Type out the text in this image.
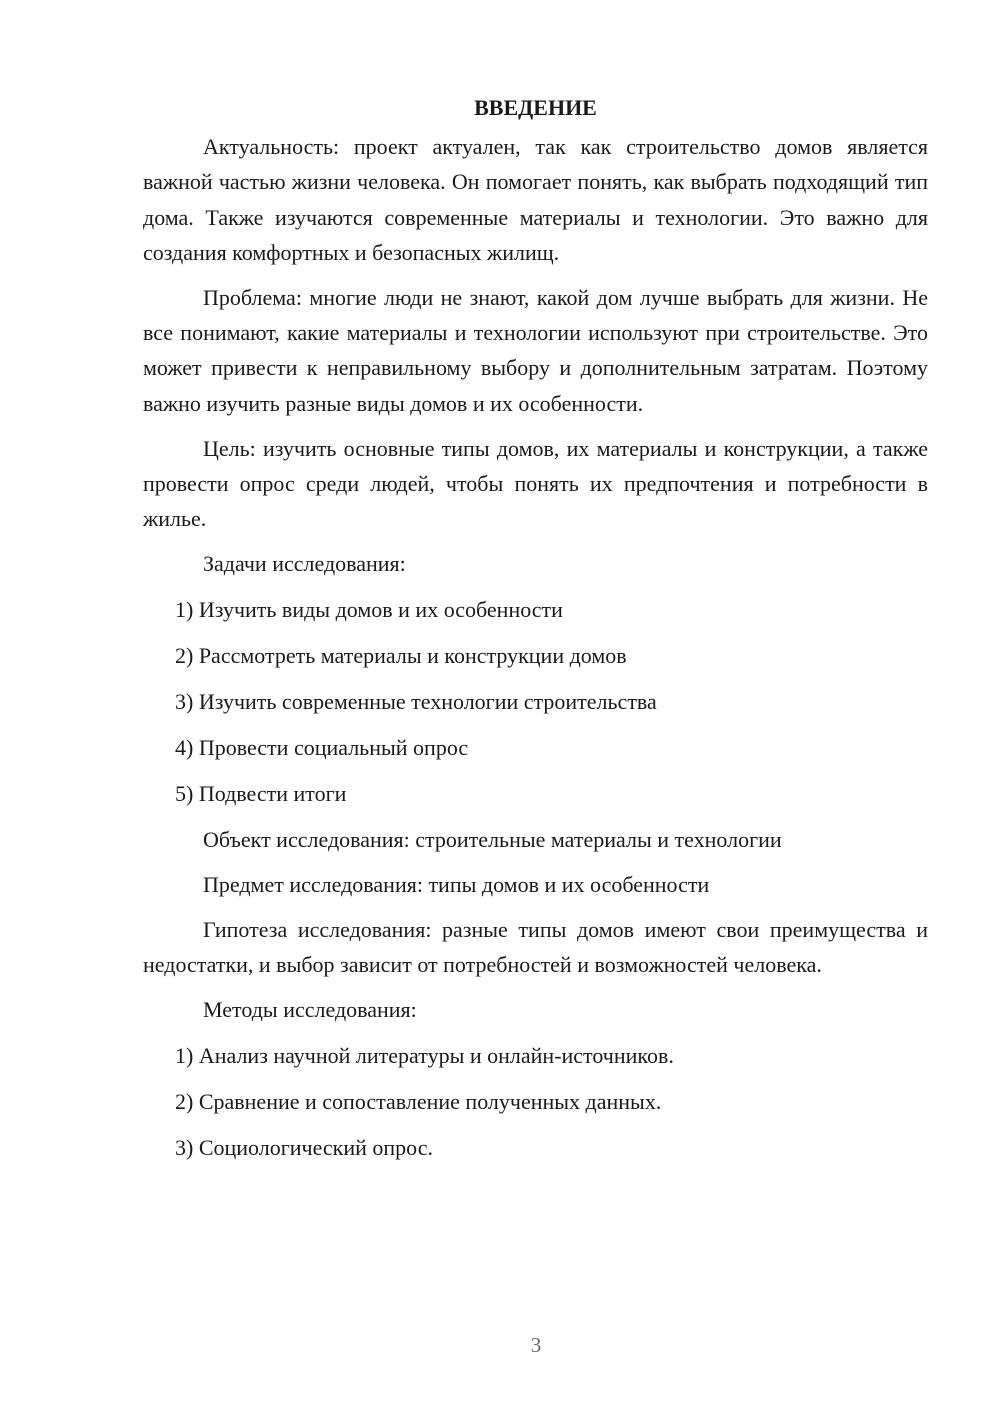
ВВЕДЕНИЕ

Актуальность: проект актуален, так как строительство домов является важной частью жизни человека. Он помогает понять, как выбрать подходящий тип дома. Также изучаются современные материалы и технологии. Это важно для создания комфортных и безопасных жилищ.

Проблема: многие люди не знают, какой дом лучше выбрать для жизни. Не все понимают, какие материалы и технологии используют при строительстве. Это может привести к неправильному выбору и дополнительным затратам. Поэтому важно изучить разные виды домов и их особенности.

Цель: изучить основные типы домов, их материалы и конструкции, а также провести опрос среди людей, чтобы понять их предпочтения и потребности в жилье.

Задачи исследования:

1) Изучить виды домов и их особенности
2) Рассмотреть материалы и конструкции домов
3) Изучить современные технологии строительства
4) Провести социальный опрос
5) Подвести итоги

Объект исследования: строительные материалы и технологии

Предмет исследования: типы домов и их особенности

Гипотеза исследования: разные типы домов имеют свои преимущества и недостатки, и выбор зависит от потребностей и возможностей человека.

Методы исследования:

1) Анализ научной литературы и онлайн-источников.
2) Сравнение и сопоставление полученных данных.
3) Социологический опрос.
3
